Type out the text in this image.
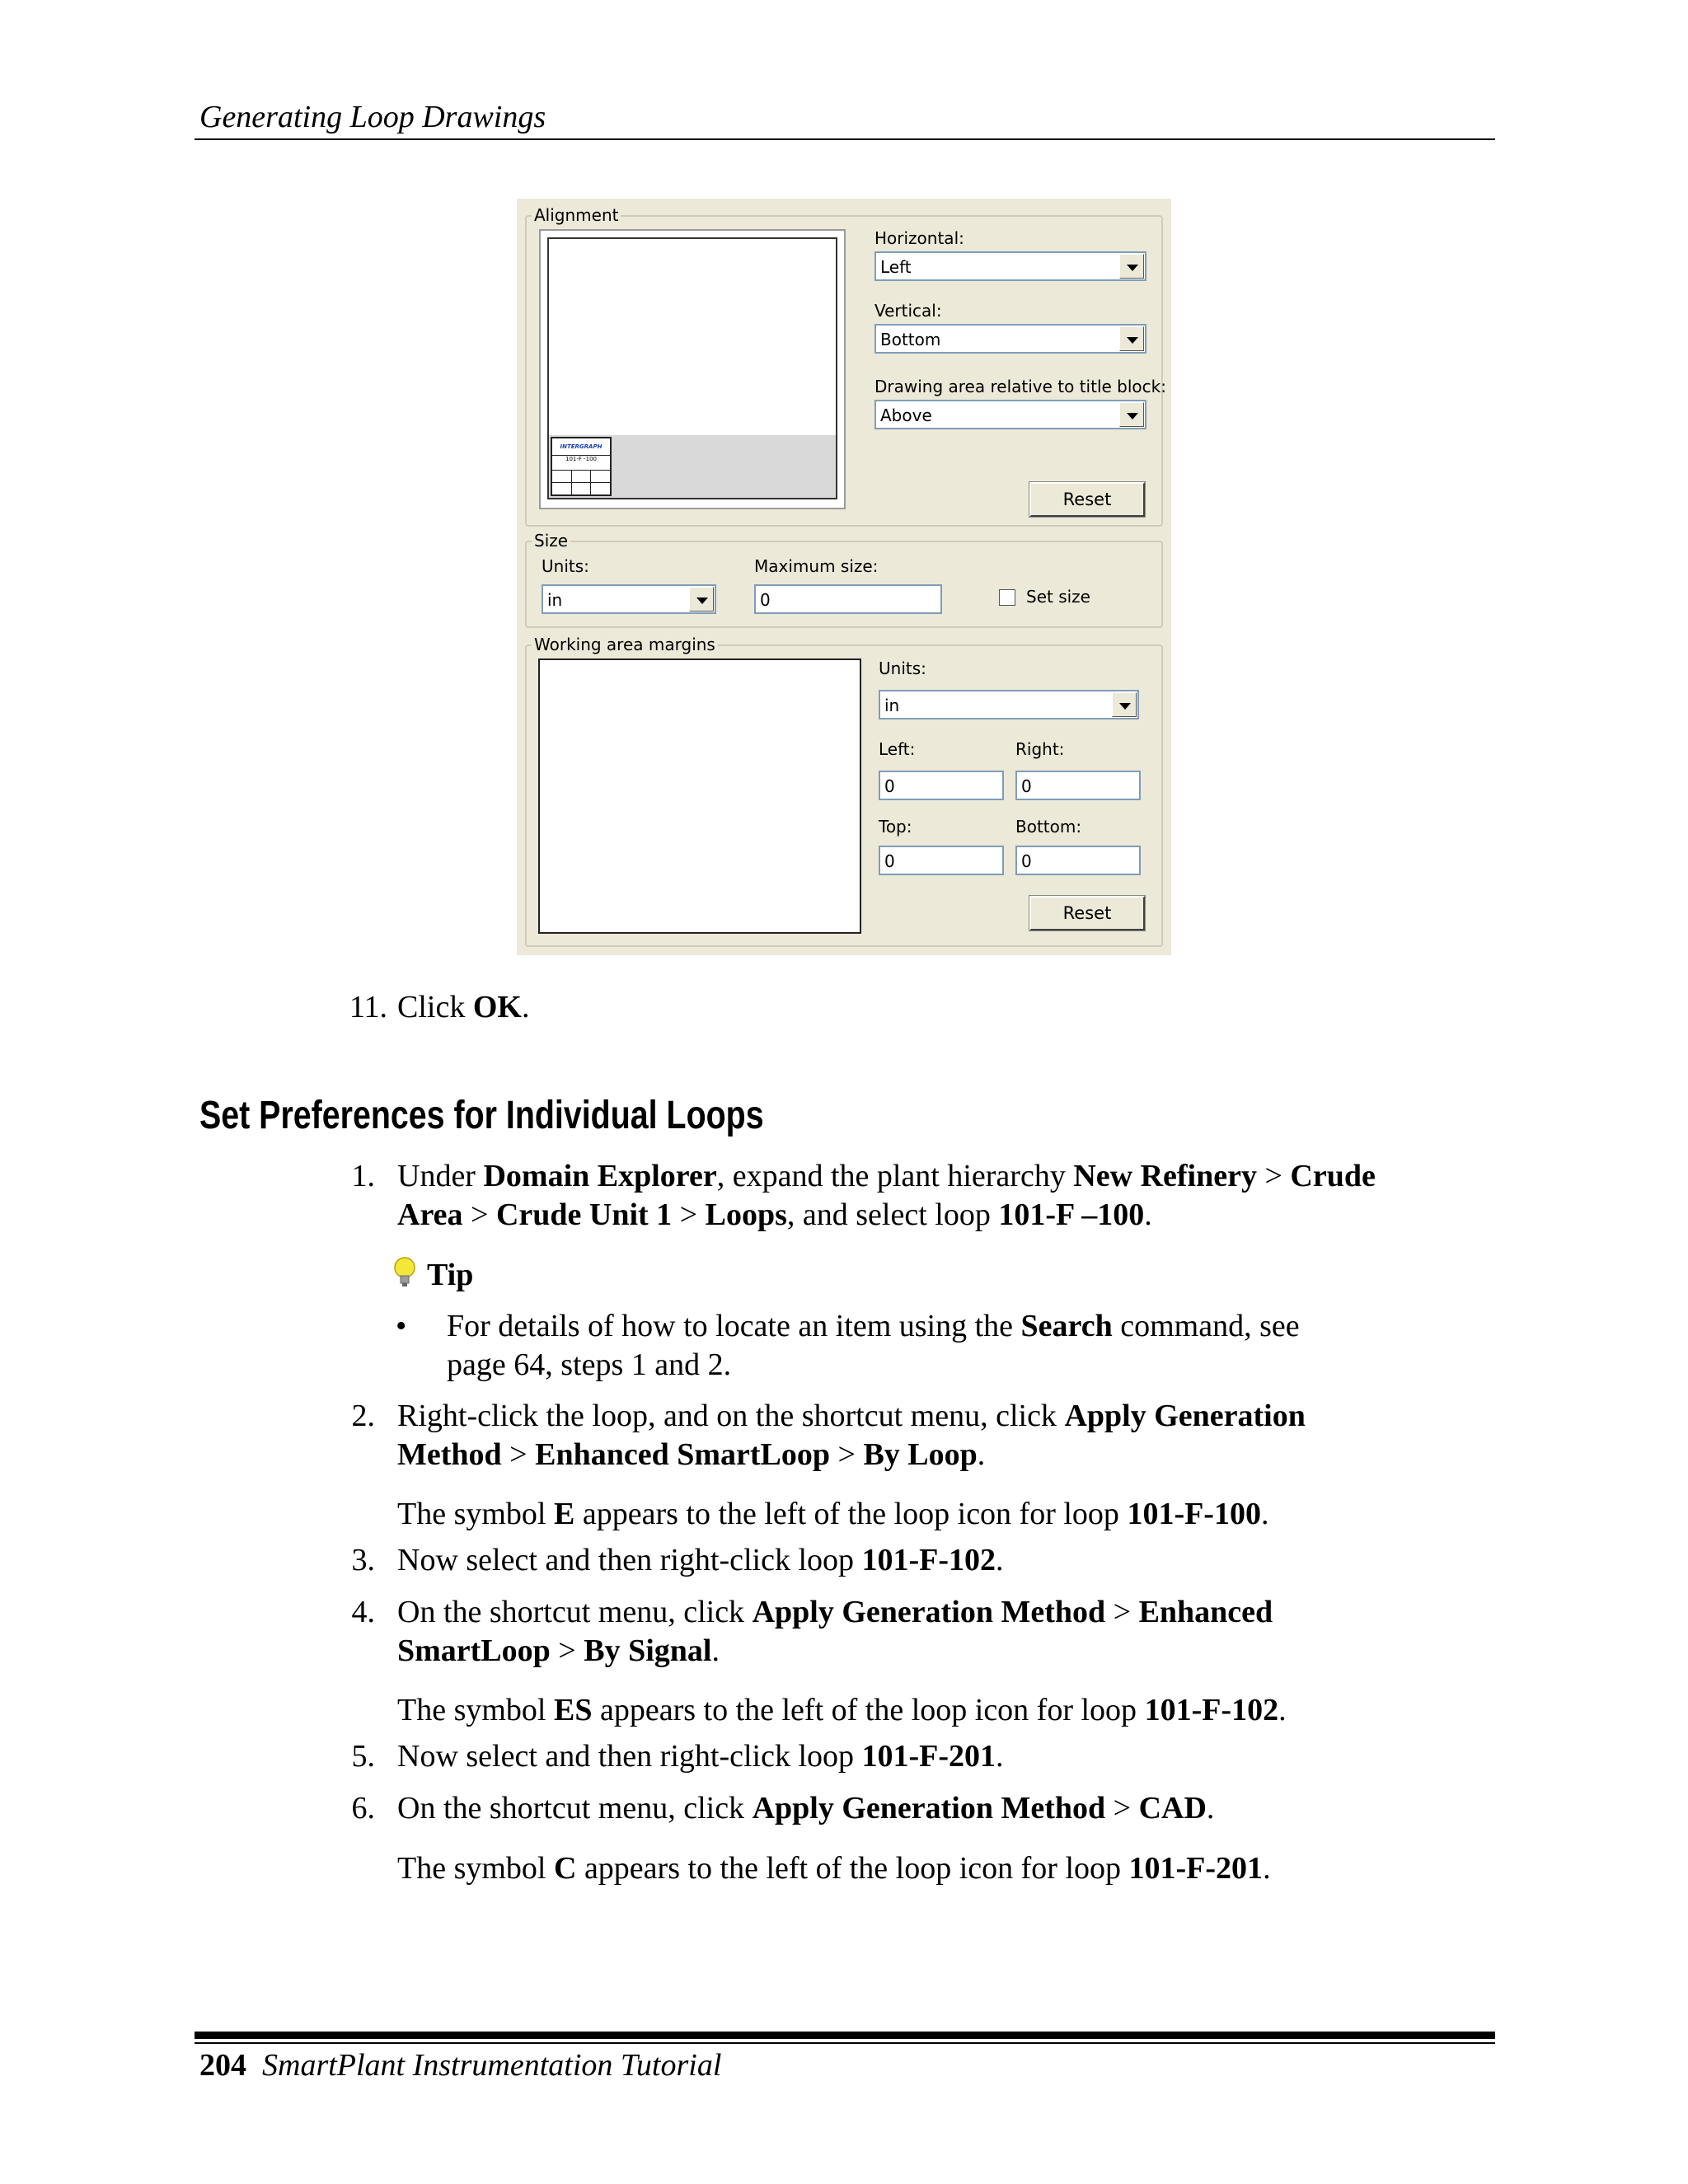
Generating Loop Drawings
Alignment
INTERGRAPH
101-F -100
Horizontal:
Left
Vertical:
Bottom
Drawing area relative to title block:
Above
Reset
Size
Units:
in
Maximum size:
0	Set size
Working area margins
Units:
in
Left:
0
Right:
0
Top:
0
Bottom:
0
Reset
11. Click OK.
Set Preferences for Individual Loops
1. Under Domain Explorer, expand the plant hierarchy New Refinery > Crude
Area > Crude Unit 1 > Loops, and select loop 101-F –100.
Tip
• For details of how to locate an item using the Search command, see
page 64, steps 1 and 2.
2. Right-click the loop, and on the shortcut menu, click Apply Generation
Method > Enhanced SmartLoop > By Loop.
The symbol E appears to the left of the loop icon for loop 101-F-100.
3. Now select and then right-click loop 101-F-102.
4. On the shortcut menu, click Apply Generation Method > Enhanced
SmartLoop > By Signal.
The symbol ES appears to the left of the loop icon for loop 101-F-102.
5. Now select and then right-click loop 101-F-201.
6. On the shortcut menu, click Apply Generation Method > CAD.
The symbol C appears to the left of the loop icon for loop 101-F-201.
204 SmartPlant Instrumentation Tutorial
